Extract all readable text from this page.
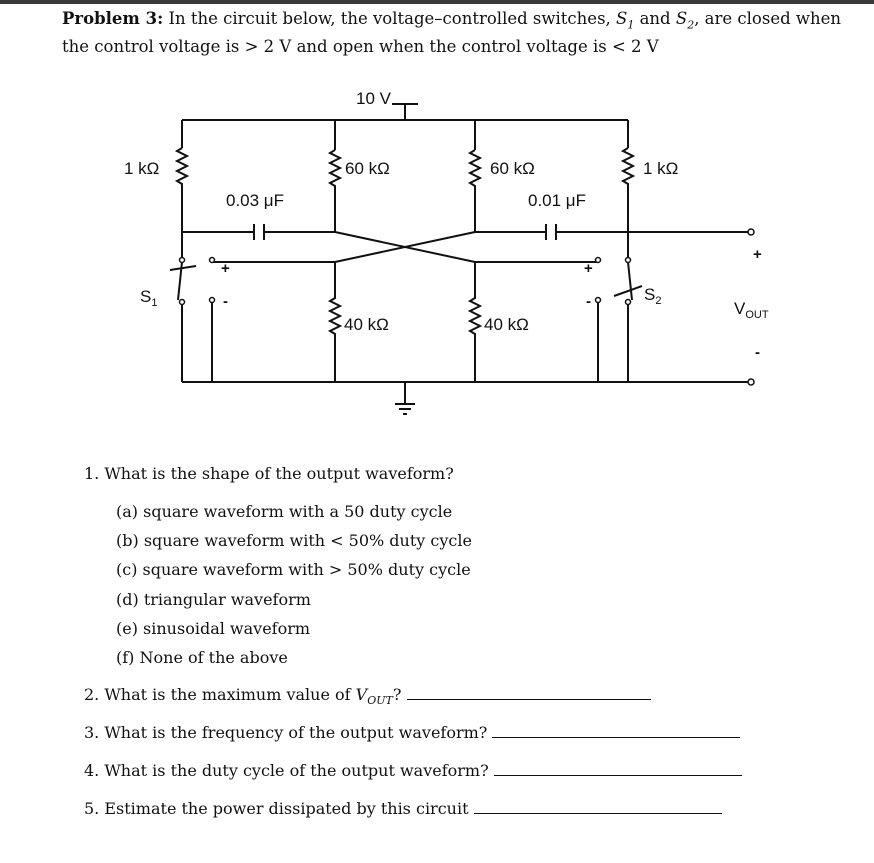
Problem 3: In the circuit below, the voltage–controlled switches, $S_1$ and $S_2$, are closed when the control voltage is > 2 V and open when the control voltage is < 2 V
10 V
1 kΩ	60 kΩ	60 kΩ	1 kΩ
0.03 μF	0.01 μF
40 kΩ	40 kΩ
$S_1$	$S_2$	$V_{OUT}$
+
-
+
-
+
-
1. What is the shape of the output waveform?
(a) square waveform with a 50 duty cycle
(b) square waveform with < 50% duty cycle
(c) square waveform with > 50% duty cycle
(d) triangular waveform
(e) sinusoidal waveform
(f) None of the above
2. What is the maximum value of $V_{OUT}$?
3. What is the frequency of the output waveform?
4. What is the duty cycle of the output waveform?
5. Estimate the power dissipated by this circuit
